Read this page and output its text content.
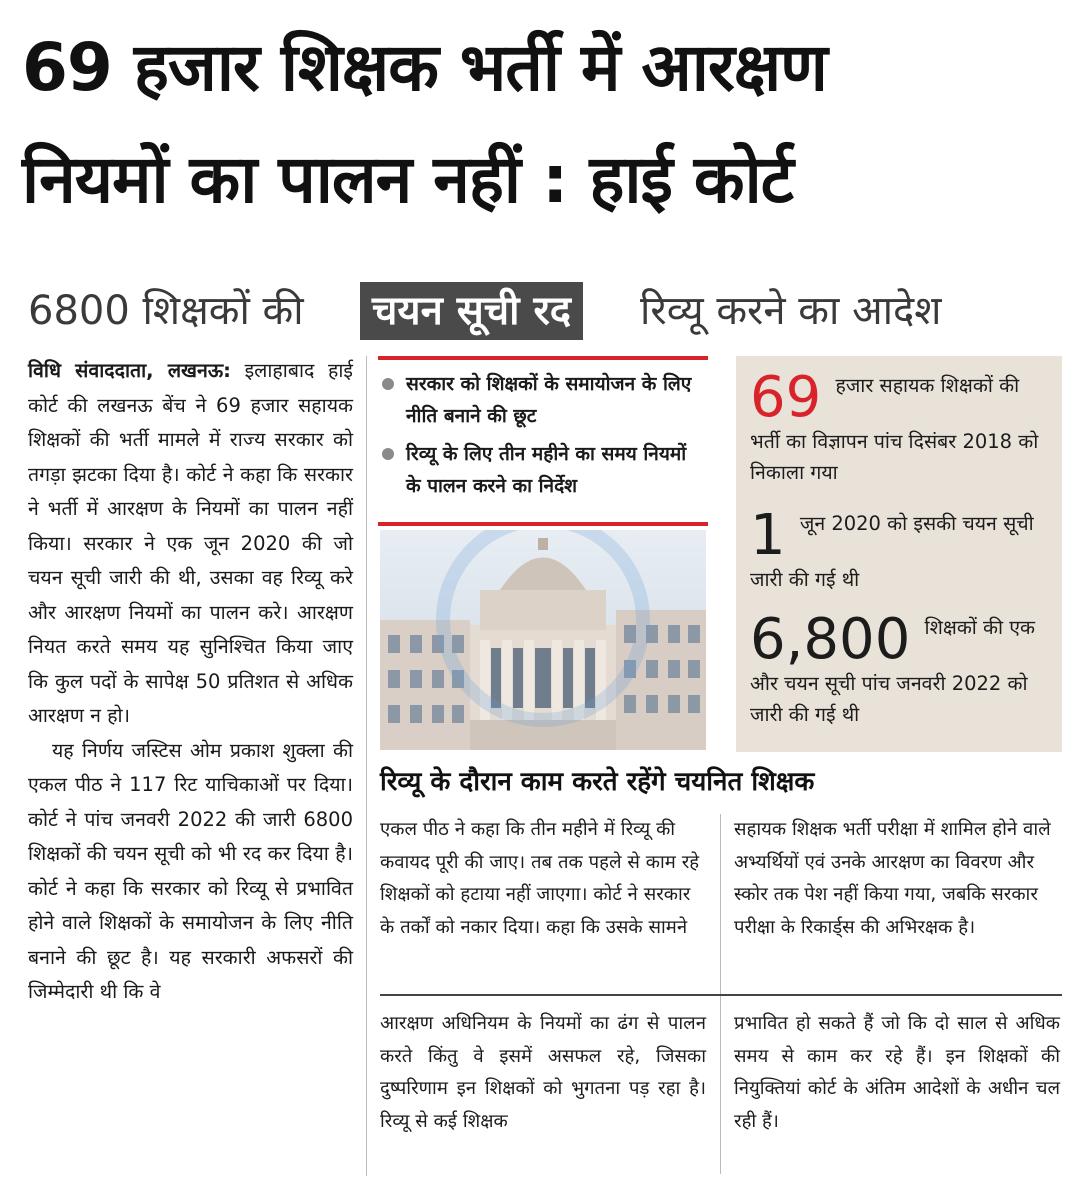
69 हजार शिक्षक भर्ती में आरक्षण
नियमों का पालन नहीं : हाई कोर्ट
6800 शिक्षकों की	चयन सूची रद	रिव्यू करने का आदेश

विधि संवाददाता, लखनऊ: इलाहाबाद हाई कोर्ट की लखनऊ बेंच ने 69 हजार सहायक शिक्षकों की भर्ती मामले में राज्य सरकार को तगड़ा झटका दिया है। कोर्ट ने कहा कि सरकार ने भर्ती में आरक्षण के नियमों का पालन नहीं किया। सरकार ने एक जून 2020 की जो चयन सूची जारी की थी, उसका वह रिव्यू करे और आरक्षण नियमों का पालन करे। आरक्षण नियत करते समय यह सुनिश्चित किया जाए कि कुल पदों के सापेक्ष 50 प्रतिशत से अधिक आरक्षण न हो।

यह निर्णय जस्टिस ओम प्रकाश शुक्ला की एकल पीठ ने 117 रिट याचिकाओं पर दिया। कोर्ट ने पांच जनवरी 2022 की जारी 6800 शिक्षकों की चयन सूची को भी रद कर दिया है। कोर्ट ने कहा कि सरकार को रिव्यू से प्रभावित होने वाले शिक्षकों के समायोजन के लिए नीति बनाने की छूट है। यह सरकारी अफसरों की जिम्मेदारी थी कि वे

सरकार को शिक्षकों के समायोजन के लिए नीति बनाने की छूट
रिव्यू के लिए तीन महीने का समय नियमों के पालन करने का निर्देश
69 हजार सहायक शिक्षकों की भर्ती का विज्ञापन पांच दिसंबर 2018 को निकाला गया
1 जून 2020 को इसकी चयन सूची जारी की गई थी
6,800 शिक्षकों की एक और चयन सूची पांच जनवरी 2022 को जारी की गई थी
रिव्यू के दौरान काम करते रहेंगे चयनित शिक्षक
एकल पीठ ने कहा कि तीन महीने में रिव्यू की कवायद पूरी की जाए। तब तक पहले से काम रहे शिक्षकों को हटाया नहीं जाएगा। कोर्ट ने सरकार के तर्कों को नकार दिया। कहा कि उसके सामने
सहायक शिक्षक भर्ती परीक्षा में शामिल होने वाले अभ्यर्थियों एवं उनके आरक्षण का विवरण और स्कोर तक पेश नहीं किया गया, जबकि सरकार परीक्षा के रिकार्ड्स की अभिरक्षक है।
आरक्षण अधिनियम के नियमों का ढंग से पालन करते किंतु वे इसमें असफल रहे, जिसका दुष्परिणाम इन शिक्षकों को भुगतना पड़ रहा है। रिव्यू से कई शिक्षक
प्रभावित हो सकते हैं जो कि दो साल से अधिक समय से काम कर रहे हैं। इन शिक्षकों की नियुक्तियां कोर्ट के अंतिम आदेशों के अधीन चल रही हैं।
